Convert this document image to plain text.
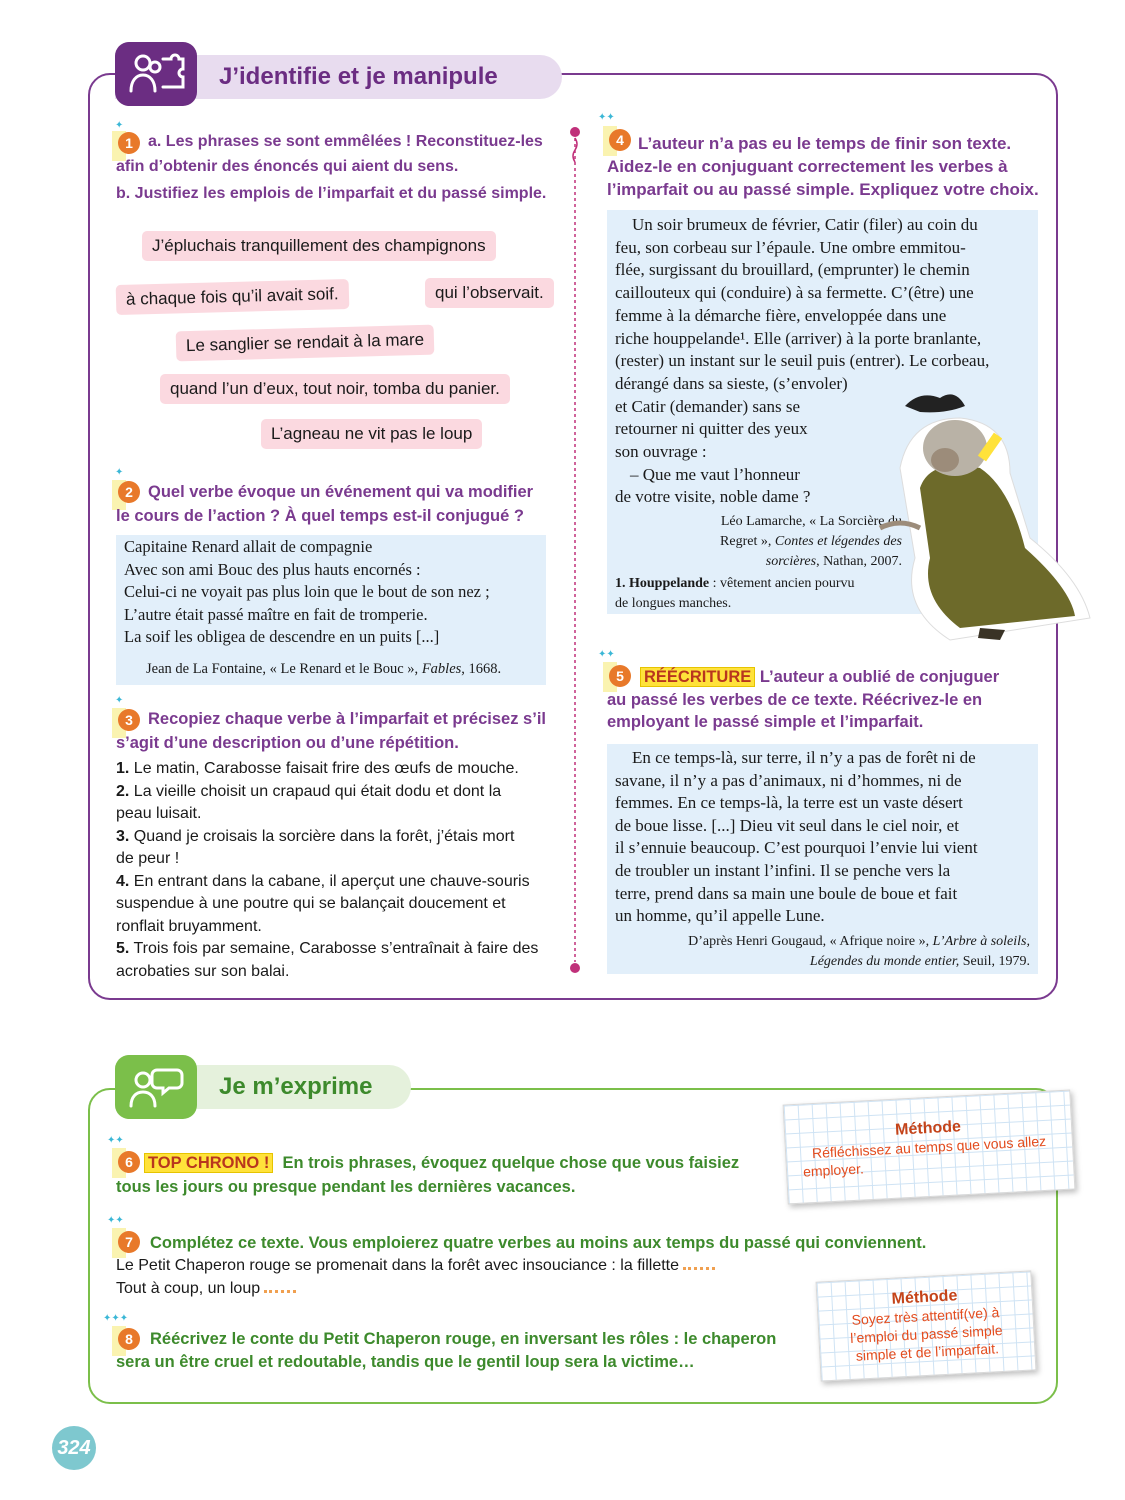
J’identifie et je manipule
✦
1 a. Les phrases se sont emmêlées ! Reconstituez-les
afin d’obtenir des énoncés qui aient du sens.
b. Justifiez les emplois de l’imparfait et du passé simple.
J’épluchais tranquillement des champignons
à chaque fois qu’il avait soif.	qui l’observait.
Le sanglier se rendait à la mare
quand l’un d’eux, tout noir, tomba du panier.
L’agneau ne vit pas le loup
✦
2 Quel verbe évoque un événement qui va modifier
le cours de l’action ? À quel temps est-il conjugué ?
Capitaine Renard allait de compagnie
Avec son ami Bouc des plus hauts encornés :
Celui-ci ne voyait pas plus loin que le bout de son nez ;
L’autre était passé maître en fait de tromperie.
La soif les obligea de descendre en un puits [...]
Jean de La Fontaine, « Le Renard et le Bouc », Fables, 1668.
✦
3 Recopiez chaque verbe à l’imparfait et précisez s’il
s’agit d’une description ou d’une répétition.
1. Le matin, Carabosse faisait frire des œufs de mouche.
2. La vieille choisit un crapaud qui était dodu et dont la
peau luisait.
3. Quand je croisais la sorcière dans la forêt, j’étais mort
de peur !
4. En entrant dans la cabane, il aperçut une chauve-souris
suspendue à une poutre qui se balançait doucement et
ronflait bruyamment.
5. Trois fois par semaine, Carabosse s’entraînait à faire des
acrobaties sur son balai.
✦✦
4 L’auteur n’a pas eu le temps de finir son texte.
Aidez-le en conjuguant correctement les verbes à
l’imparfait ou au passé simple. Expliquez votre choix.
Un soir brumeux de février, Catir (filer) au coin du
feu, son corbeau sur l’épaule. Une ombre emmitou-
flée, surgissant du brouillard, (emprunter) le chemin
caillouteux qui (conduire) à sa fermette. C’(être) une
femme à la démarche fière, enveloppée dans une
riche houppelande¹. Elle (arriver) à la porte branlante,
(rester) un instant sur le seuil puis (entrer). Le corbeau,
dérangé dans sa sieste, (s’envoler)
et Catir (demander) sans se
retourner ni quitter des yeux
son ouvrage :
– Que me vaut l’honneur
de votre visite, noble dame ?
Léo Lamarche, « La Sorcière du
Regret », Contes et légendes des
sorcières, Nathan, 2007.
1. Houppelande : vêtement ancien pourvu
de longues manches.
✦✦
5	RÉÉCRITURE L’auteur a oublié de conjuguer
au passé les verbes de ce texte. Réécrivez-le en
employant le passé simple et l’imparfait.
En ce temps-là, sur terre, il n’y a pas de forêt ni de
savane, il n’y a pas d’animaux, ni d’hommes, ni de
femmes. En ce temps-là, la terre est un vaste désert
de boue lisse. [...] Dieu vit seul dans le ciel noir, et
il s’ennuie beaucoup. C’est pourquoi l’envie lui vient
de troubler un instant l’infini. Il se penche vers la
terre, prend dans sa main une boule de boue et fait
un homme, qu’il appelle Lune.
D’après Henri Gougaud, « Afrique noire », L’Arbre à soleils,
Légendes du monde entier, Seuil, 1979.
Je m’exprime
Méthode
Réfléchissez au temps que vous allez
employer.
Méthode
Soyez très attentif(ve) à
l’emploi du passé simple
simple et de l’imparfait.
✦✦
6 TOP CHRONO ! En trois phrases, évoquez quelque chose que vous faisiez
tous les jours ou presque pendant les dernières vacances.
✦✦
7	Complétez ce texte. Vous emploierez quatre verbes au moins aux temps du passé qui conviennent.
Le Petit Chaperon rouge se promenait dans la forêt avec insouciance : la fillette
Tout à coup, un loup
✦✦✦
8	Réécrivez le conte du Petit Chaperon rouge, en inversant les rôles : le chaperon
sera un être cruel et redoutable, tandis que le gentil loup sera la victime…
324
